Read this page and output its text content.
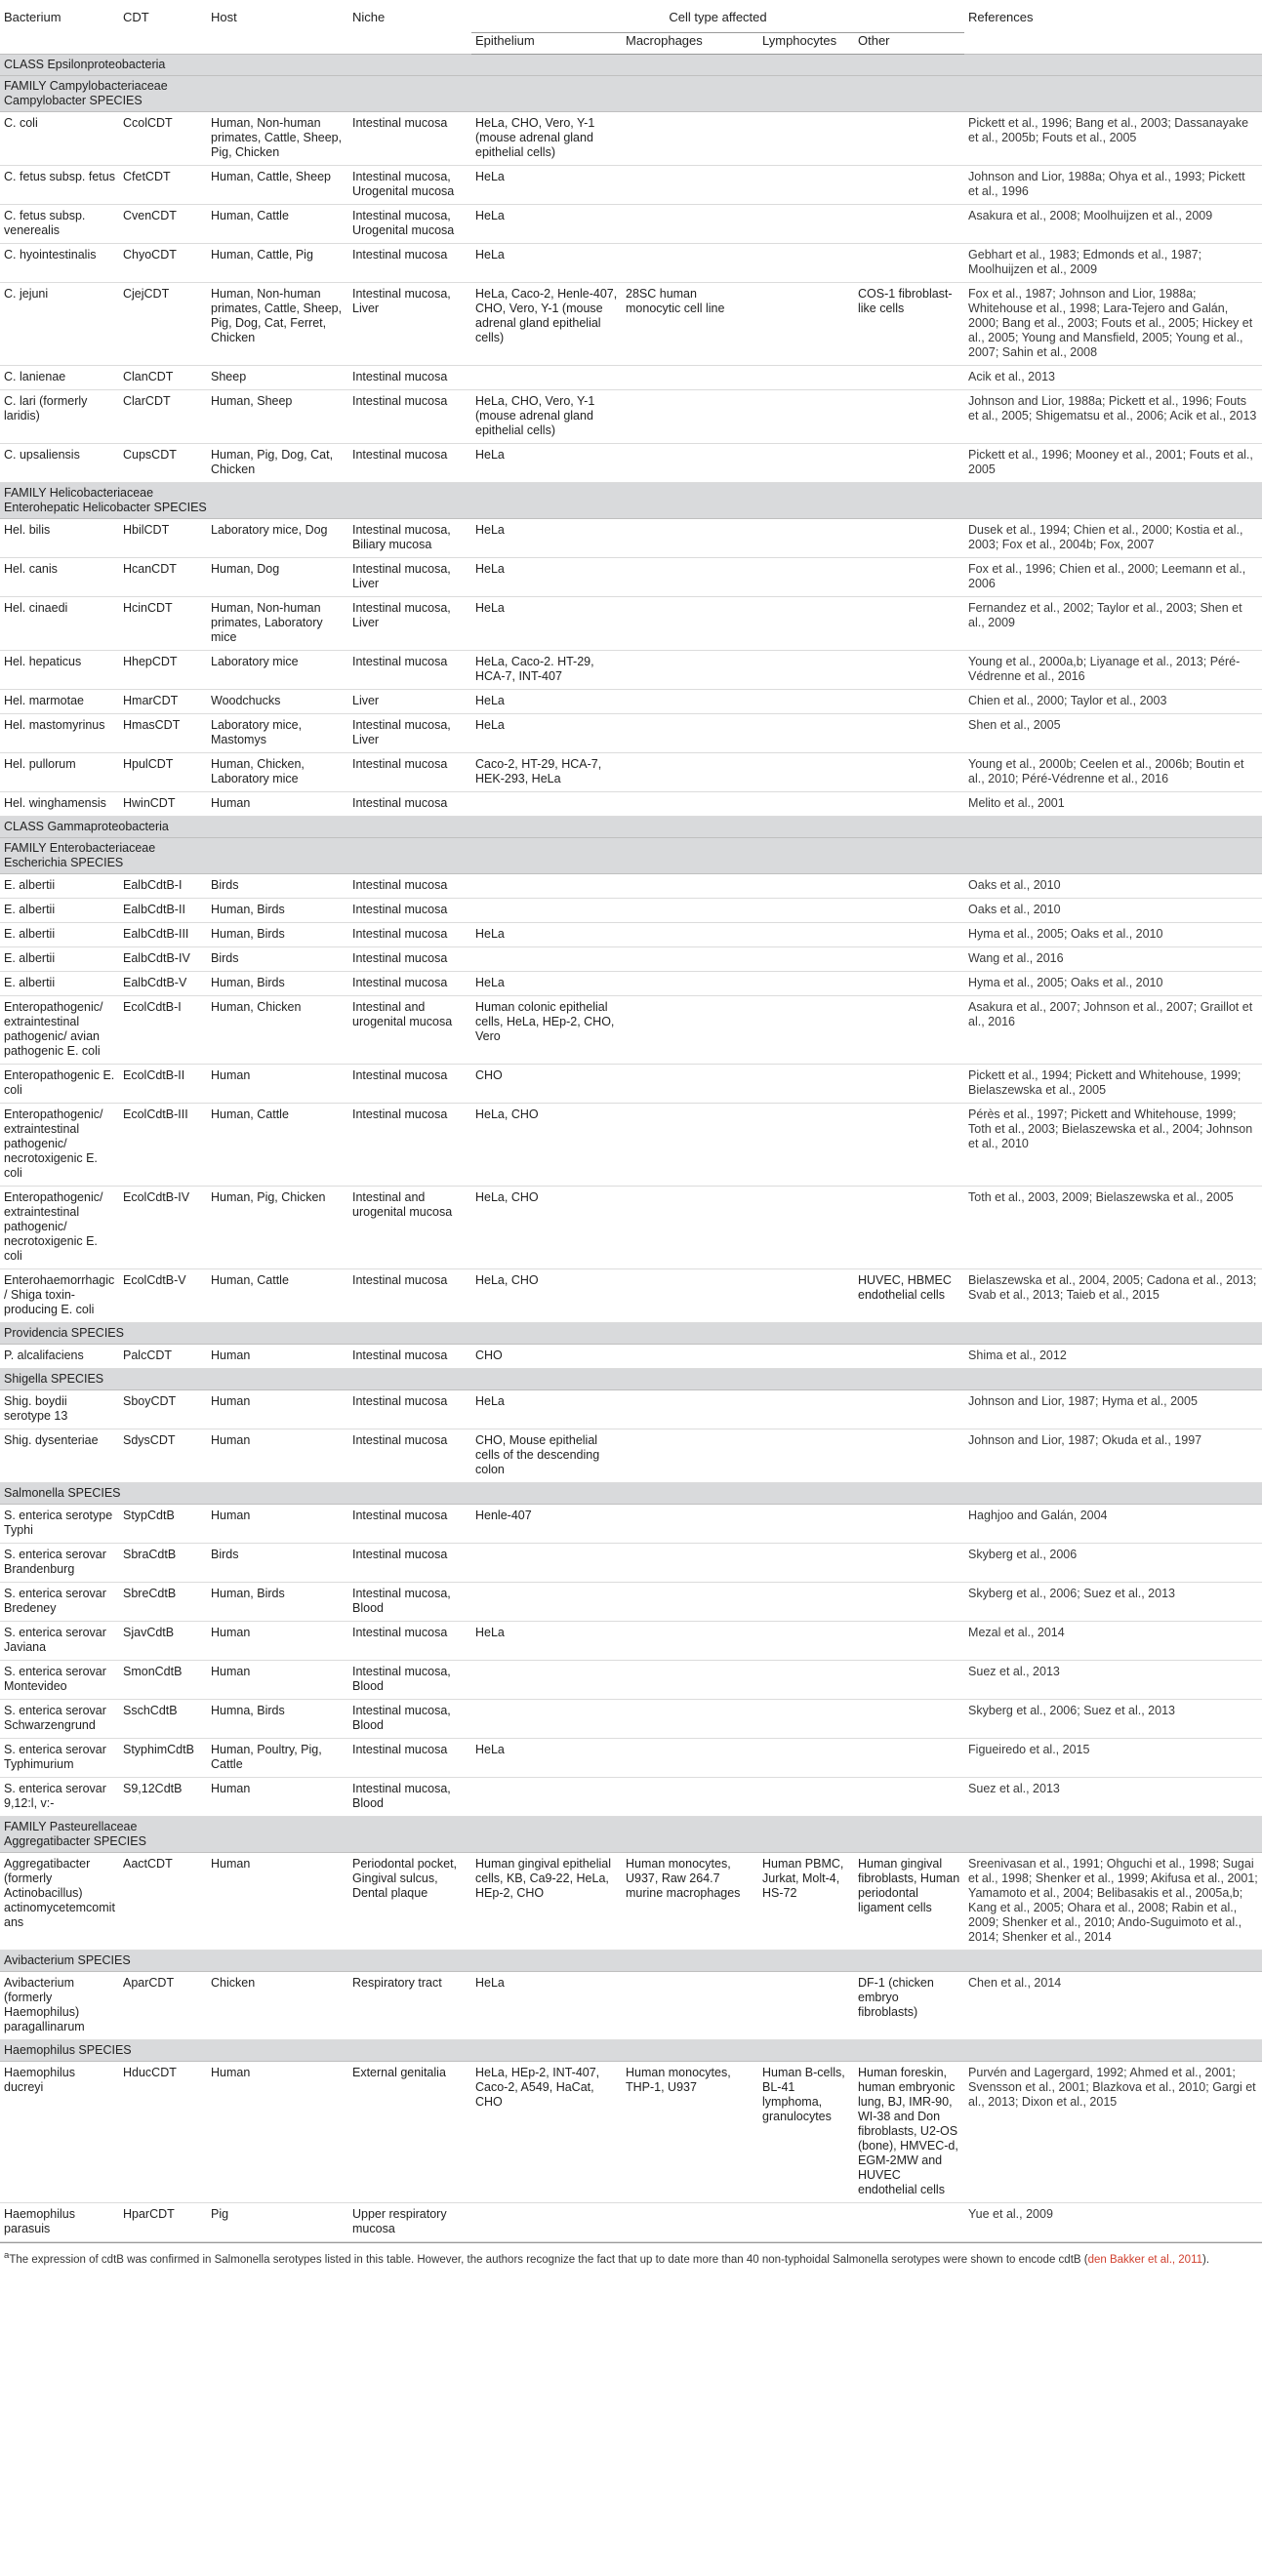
Bacterium	CDT	Host	Niche	Cell type affected				References
				Epithelium	Macrophages	Lymphocytes	Other	
CLASS Epsilonproteobacteria								
FAMILY Campylobacteriaceae
Campylobacter SPECIES								
C. coli	CcolCDT	Human, Non-human primates, Cattle, Sheep, Pig, Chicken	Intestinal mucosa	HeLa, CHO, Vero, Y-1 (mouse adrenal gland epithelial cells)				Pickett et al., 1996; Bang et al., 2003; Dassanayake et al., 2005b; Fouts et al., 2005
C. fetus subsp. fetus	CfetCDT	Human, Cattle, Sheep	Intestinal mucosa, Urogenital mucosa	HeLa				Johnson and Lior, 1988a; Ohya et al., 1993; Pickett et al., 1996
C. fetus subsp. venerealis	CvenCDT	Human, Cattle	Intestinal mucosa, Urogenital mucosa	HeLa				Asakura et al., 2008; Moolhuijzen et al., 2009
C. hyointestinalis	ChyoCDT	Human, Cattle, Pig	Intestinal mucosa	HeLa				Gebhart et al., 1983; Edmonds et al., 1987; Moolhuijzen et al., 2009
C. jejuni	CjejCDT	Human, Non-human primates, Cattle, Sheep, Pig, Dog, Cat, Ferret, Chicken	Intestinal mucosa, Liver	HeLa, Caco-2, Henle-407, CHO, Vero, Y-1 (mouse adrenal gland epithelial cells)	28SC human monocytic cell line		COS-1 fibroblast-like cells	Fox et al., 1987; Johnson and Lior, 1988a; Whitehouse et al., 1998; Lara-Tejero and Galán, 2000; Bang et al., 2003; Fouts et al., 2005; Hickey et al., 2005; Young and Mansfield, 2005; Young et al., 2007; Sahin et al., 2008
C. lanienae	ClanCDT	Sheep	Intestinal mucosa					Acik et al., 2013
C. lari (formerly laridis)	ClarCDT	Human, Sheep	Intestinal mucosa	HeLa, CHO, Vero, Y-1 (mouse adrenal gland epithelial cells)				Johnson and Lior, 1988a; Pickett et al., 1996; Fouts et al., 2005; Shigematsu et al., 2006; Acik et al., 2013
C. upsaliensis	CupsCDT	Human, Pig, Dog, Cat, Chicken	Intestinal mucosa	HeLa				Pickett et al., 1996; Mooney et al., 2001; Fouts et al., 2005
FAMILY Helicobacteriaceae
Enterohepatic Helicobacter SPECIES								
Hel. bilis	HbilCDT	Laboratory mice, Dog	Intestinal mucosa, Biliary mucosa	HeLa				Dusek et al., 1994; Chien et al., 2000; Kostia et al., 2003; Fox et al., 2004b; Fox, 2007
Hel. canis	HcanCDT	Human, Dog	Intestinal mucosa, Liver	HeLa				Fox et al., 1996; Chien et al., 2000; Leemann et al., 2006
Hel. cinaedi	HcinCDT	Human, Non-human primates, Laboratory mice	Intestinal mucosa, Liver	HeLa				Fernandez et al., 2002; Taylor et al., 2003; Shen et al., 2009
Hel. hepaticus	HhepCDT	Laboratory mice	Intestinal mucosa	HeLa, Caco-2. HT-29, HCA-7, INT-407				Young et al., 2000a,b; Liyanage et al., 2013; Péré-Védrenne et al., 2016
Hel. marmotae	HmarCDT	Woodchucks	Liver	HeLa				Chien et al., 2000; Taylor et al., 2003
Hel. mastomyrinus	HmasCDT	Laboratory mice, Mastomys	Intestinal mucosa, Liver	HeLa				Shen et al., 2005
Hel. pullorum	HpulCDT	Human, Chicken, Laboratory mice	Intestinal mucosa	Caco-2, HT-29, HCA-7, HEK-293, HeLa				Young et al., 2000b; Ceelen et al., 2006b; Boutin et al., 2010; Péré-Védrenne et al., 2016
Hel. winghamensis	HwinCDT	Human	Intestinal mucosa					Melito et al., 2001
CLASS Gammaproteobacteria								
FAMILY Enterobacteriaceae
Escherichia SPECIES								
E. albertii	EalbCdtB-I	Birds	Intestinal mucosa					Oaks et al., 2010
E. albertii	EalbCdtB-II	Human, Birds	Intestinal mucosa					Oaks et al., 2010
E. albertii	EalbCdtB-III	Human, Birds	Intestinal mucosa	HeLa				Hyma et al., 2005; Oaks et al., 2010
E. albertii	EalbCdtB-IV	Birds	Intestinal mucosa					Wang et al., 2016
E. albertii	EalbCdtB-V	Human, Birds	Intestinal mucosa	HeLa				Hyma et al., 2005; Oaks et al., 2010
Enteropathogenic/ extraintestinal pathogenic/ avian pathogenic E. coli	EcolCdtB-I	Human, Chicken	Intestinal and urogenital mucosa	Human colonic epithelial cells, HeLa, HEp-2, CHO, Vero				Asakura et al., 2007; Johnson et al., 2007; Graillot et al., 2016
Enteropathogenic E. coli	EcolCdtB-II	Human	Intestinal mucosa	CHO				Pickett et al., 1994; Pickett and Whitehouse, 1999; Bielaszewska et al., 2005
Enteropathogenic/ extraintestinal pathogenic/ necrotoxigenic E. coli	EcolCdtB-III	Human, Cattle	Intestinal mucosa	HeLa, CHO				Pérès et al., 1997; Pickett and Whitehouse, 1999; Toth et al., 2003; Bielaszewska et al., 2004; Johnson et al., 2010
Enteropathogenic/ extraintestinal pathogenic/ necrotoxigenic E. coli	EcolCdtB-IV	Human, Pig, Chicken	Intestinal and urogenital mucosa	HeLa, CHO				Toth et al., 2003, 2009; Bielaszewska et al., 2005
Enterohaemorrhagic/ Shiga toxin-producing E. coli	EcolCdtB-V	Human, Cattle	Intestinal mucosa	HeLa, CHO			HUVEC, HBMEC endothelial cells	Bielaszewska et al., 2004, 2005; Cadona et al., 2013; Svab et al., 2013; Taieb et al., 2015
Providencia SPECIES								
P. alcalifaciens	PalcCDT	Human	Intestinal mucosa	CHO				Shima et al., 2012
Shigella SPECIES								
Shig. boydii serotype 13	SboyCDT	Human	Intestinal mucosa	HeLa				Johnson and Lior, 1987; Hyma et al., 2005
Shig. dysenteriae	SdysCDT	Human	Intestinal mucosa	CHO, Mouse epithelial cells of the descending colon				Johnson and Lior, 1987; Okuda et al., 1997
Salmonella SPECIES								
S. enterica serotype Typhi	StypCdtB	Human	Intestinal mucosa	Henle-407				Haghjoo and Galán, 2004
S. enterica serovar Brandenburg	SbraCdtB	Birds	Intestinal mucosa					Skyberg et al., 2006
S. enterica serovar Bredeney	SbreCdtB	Human, Birds	Intestinal mucosa, Blood					Skyberg et al., 2006; Suez et al., 2013
S. enterica serovar Javiana	SjavCdtB	Human	Intestinal mucosa	HeLa				Mezal et al., 2014
S. enterica serovar Montevideo	SmonCdtB	Human	Intestinal mucosa, Blood					Suez et al., 2013
S. enterica serovar Schwarzengrund	SschCdtB	Humna, Birds	Intestinal mucosa, Blood					Skyberg et al., 2006; Suez et al., 2013
S. enterica serovar Typhimurium	StyphimCdtB	Human, Poultry, Pig, Cattle	Intestinal mucosa	HeLa				Figueiredo et al., 2015
S. enterica serovar 9,12:l, v:-	S9,12CdtB	Human	Intestinal mucosa, Blood					Suez et al., 2013
FAMILY Pasteurellaceae
Aggregatibacter SPECIES								
Aggregatibacter (formerly Actinobacillus) actinomycetemcomitans	AactCDT	Human	Periodontal pocket, Gingival sulcus, Dental plaque	Human gingival epithelial cells, KB, Ca9-22, HeLa, HEp-2, CHO	Human monocytes, U937, Raw 264.7 murine macrophages	Human PBMC, Jurkat, Molt-4, HS-72	Human gingival fibroblasts, Human periodontal ligament cells	Sreenivasan et al., 1991; Ohguchi et al., 1998; Sugai et al., 1998; Shenker et al., 1999; Akifusa et al., 2001; Yamamoto et al., 2004; Belibasakis et al., 2005a,b; Kang et al., 2005; Ohara et al., 2008; Rabin et al., 2009; Shenker et al., 2010; Ando-Suguimoto et al., 2014; Shenker et al., 2014
Avibacterium SPECIES								
Avibacterium (formerly Haemophilus) paragallinarum	AparCDT	Chicken	Respiratory tract	HeLa			DF-1 (chicken embryo fibroblasts)	Chen et al., 2014
Haemophilus SPECIES								
Haemophilus ducreyi	HducCDT	Human	External genitalia	HeLa, HEp-2, INT-407, Caco-2, A549, HaCat, CHO	Human monocytes, THP-1, U937	Human B-cells, BL-41 lymphoma, granulocytes	Human foreskin, human embryonic lung, BJ, IMR-90, WI-38 and Don fibroblasts, U2-OS (bone), HMVEC-d, EGM-2MW and HUVEC endothelial cells	Purvén and Lagergard, 1992; Ahmed et al., 2001; Svensson et al., 2001; Blazkova et al., 2010; Gargi et al., 2013; Dixon et al., 2015
Haemophilus parasuis	HparCDT	Pig	Upper respiratory mucosa					Yue et al., 2009
$^a$The expression of cdtB was confirmed in Salmonella serotypes listed in this table. However, the authors recognize the fact that up to date more than 40 non-typhoidal Salmonella serotypes were shown to encode cdtB (den Bakker et al., 2011).
